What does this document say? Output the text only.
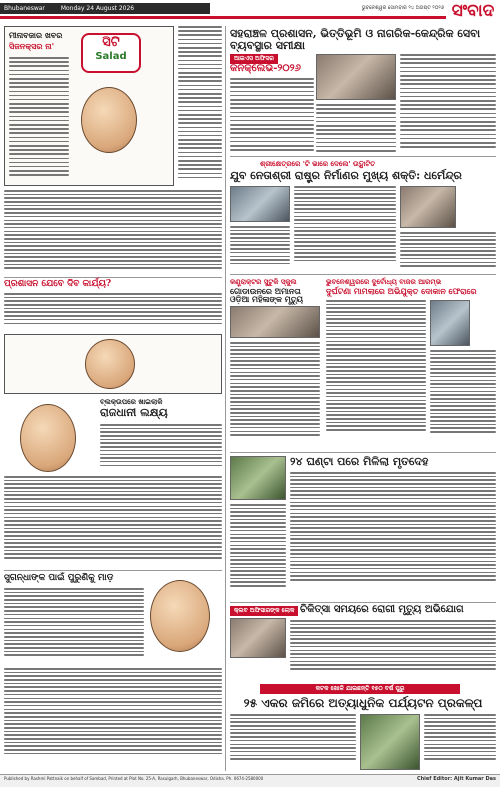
Bhubaneswar	Monday 24 August 2026	ଭୁବନେଶ୍ୱର ସୋମବାର ୨୪ ଅଗଷ୍ଟ ୨୦୨୬ ସଂବାଦ
ମୀନାବଜାର ଖବର
ସିଜନକ୍ସର ନା'	ସିଟି
Salad
ପ୍ରଶାସନ ଯେବେ ଦିବ କାର୍ଯ୍ୟ?
ବ୍ଲକ୍‌ଉପରେ ଖାଇଲାକି
ରାଜଧାନୀ ଲକ୍ଷ୍ୟ
ସୁଗନ୍ଧାଙ୍କ ପାଇଁ ପୁରୁଣିକୁ ମାଡ଼
ସହରାଞ୍ଚଳ ପ୍ରଶାସନ, ଭିତ୍ତିଭୂମି ଓ ନାଗରିକ-କେନ୍ଦ୍ରିକ ସେବା ବ୍ୟବସ୍ଥାର ସମୀକ୍ଷା
ଆଇଏସ ଅଫିସର
କନକ୍ଲେଭ-୨୦୨୬
ଶ୍ରୀକ୍ଷେତ୍ରରେ 'ଟି ଭାରେ ଦେଲେ' ଉଦ୍ଘାଟିତ
ଯୁବ ନେତାଶ୍ରୀ ରାଷ୍ଟ୍ର ନିର୍ମାଣର ମୁଖ୍ୟ ଶକ୍ତି: ଧର୍ମେନ୍ଦ୍ର
କଣ୍ଟ୍ରାକ୍ଟର ସୁଟୁକି ସ୍କୁଲ
ଗୋଡାଉନରେ ଅମାନତା ଓଡ଼ିଆ ମହିଳାଙ୍କ ମୃତ୍ୟୁ
ଭୁବନେଶ୍ୱରରେ ଦୁର୍ବୋଧ୍ୟ ବାଜର ଆରମ୍ଭ
ଦୁର୍ଘଟଣା ମାମଲାରେ ଅଭିଯୁକ୍ତ ଦୋକାନ ଫେରାରେ
୨୪ ଘଣ୍ଟା ପରେ ମିଳିଲା ମୃତଦେହ
କ୍ଲବ ଅଫିସାରଙ୍କ ଲୋକ ଚିକିତ୍ସା ସମୟରେ ରୋଗୀ ମୃତ୍ୟୁ ଅଭିଯୋଗ
କଟକ ଖୋଳି ଯାଇଛନ୍ତି ୧୫୦ ବର୍ଷ ପୁରୁ
୨୫ ଏକର ଜମିରେ ଅତ୍ୟାଧୁନିକ ପର୍ଯ୍ୟଟନ ପ୍ରକଳ୍ପ
Published by Rashmi Pattnaik on behalf of Sambad, Printed at Plot No. 25-A, Rasulgarh, Bhubaneswar, Odisha. Ph. 0674-2580000	Chief Editor: Ajit Kumar Das
